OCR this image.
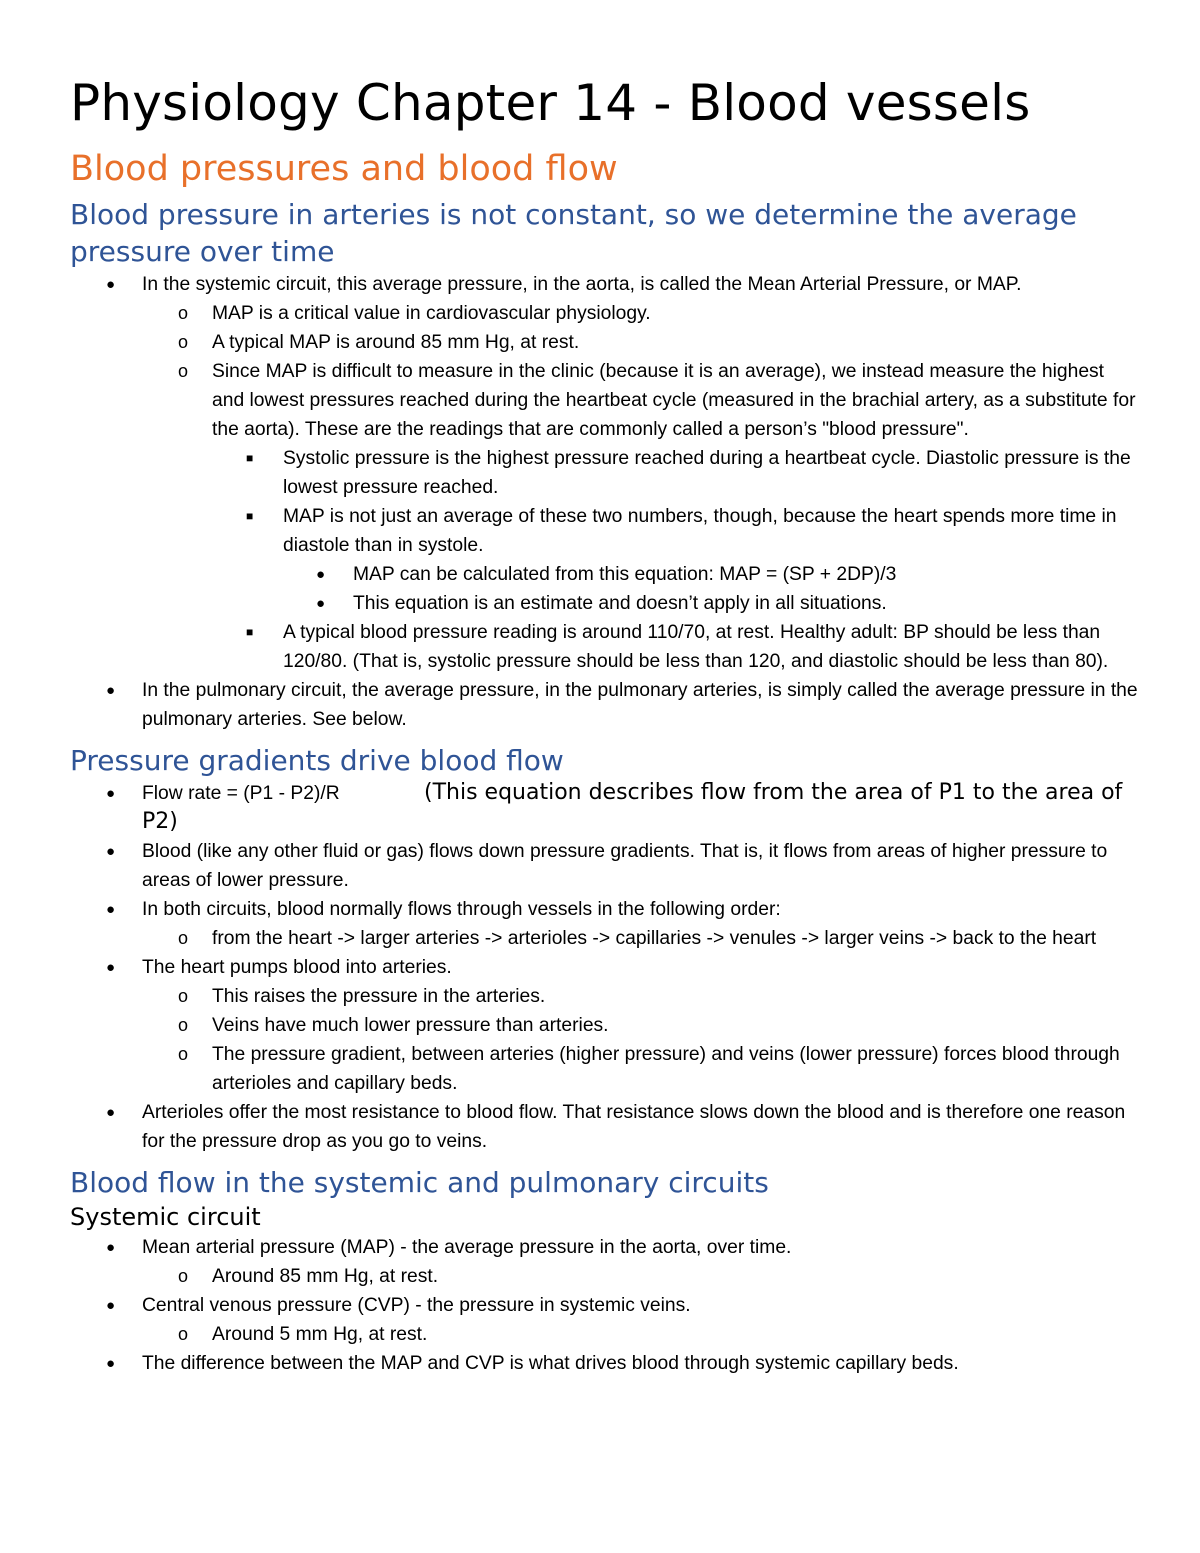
Physiology Chapter 14 - Blood vessels
Blood pressures and blood flow
Blood pressure in arteries is not constant, so we determine the average pressure over time
● In the systemic circuit, this average pressure, in the aorta, is called the Mean Arterial Pressure, or MAP.
o MAP is a critical value in cardiovascular physiology.
o A typical MAP is around 85 mm Hg, at rest.
o Since MAP is difficult to measure in the clinic (because it is an average), we instead measure the highest and lowest pressures reached during the heartbeat cycle (measured in the brachial artery, as a substitute for the aorta). These are the readings that are commonly called a person’s "blood pressure".
■ Systolic pressure is the highest pressure reached during a heartbeat cycle. Diastolic pressure is the lowest pressure reached.
■ MAP is not just an average of these two numbers, though, because the heart spends more time in diastole than in systole.
● MAP can be calculated from this equation: MAP = (SP + 2DP)/3
● This equation is an estimate and doesn’t apply in all situations.
■ A typical blood pressure reading is around 110/70, at rest. Healthy adult: BP should be less than 120/80. (That is, systolic pressure should be less than 120, and diastolic should be less than 80).
● In the pulmonary circuit, the average pressure, in the pulmonary arteries, is simply called the average pressure in the pulmonary arteries. See below.
Pressure gradients drive blood flow
● Flow rate = (P1 - P2)/R	(This equation describes flow from the area of P1 to the area of P2)
● Blood (like any other fluid or gas) flows down pressure gradients. That is, it flows from areas of higher pressure to areas of lower pressure.
● In both circuits, blood normally flows through vessels in the following order:
o from the heart -> larger arteries -> arterioles -> capillaries -> venules -> larger veins -> back to the heart
● The heart pumps blood into arteries.
o This raises the pressure in the arteries.
o Veins have much lower pressure than arteries.
o The pressure gradient, between arteries (higher pressure) and veins (lower pressure) forces blood through arterioles and capillary beds.
● Arterioles offer the most resistance to blood flow. That resistance slows down the blood and is therefore one reason for the pressure drop as you go to veins.
Blood flow in the systemic and pulmonary circuits
Systemic circuit
● Mean arterial pressure (MAP) - the average pressure in the aorta, over time.
o Around 85 mm Hg, at rest.
● Central venous pressure (CVP) - the pressure in systemic veins.
o Around 5 mm Hg, at rest.
● The difference between the MAP and CVP is what drives blood through systemic capillary beds.
